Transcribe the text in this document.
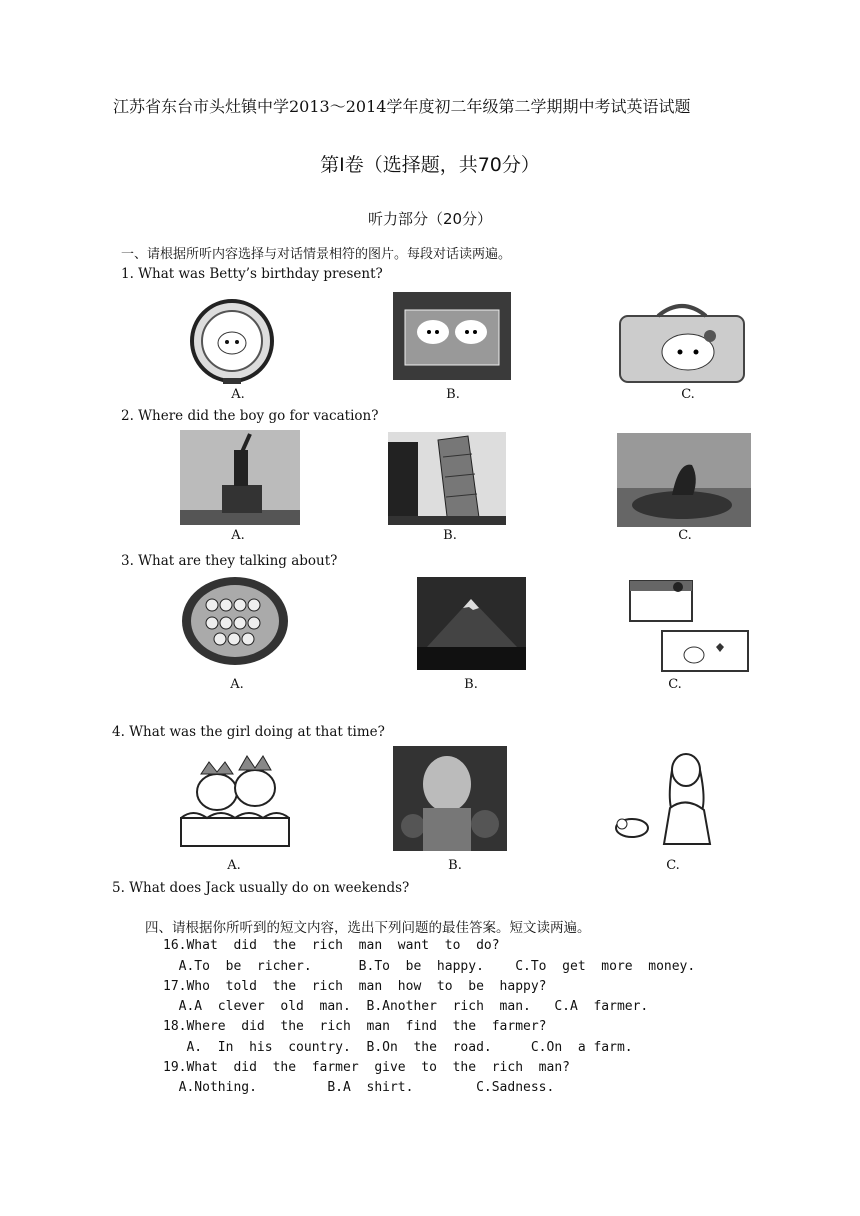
江苏省东台市头灶镇中学2013～2014学年度初二年级第二学期期中考试英语试题
第Ⅰ卷（选择题，共70分）
听力部分（20分）
一、请根据所听内容选择与对话情景相符的图片。每段对话读两遍。
1. What was Betty’s birthday present?
A.	B.	C.
2. Where did the boy go for vacation?
A.	B.	C.
3. What are they talking about?
A.	B.	C.
4. What was the girl doing at that time?
A.	B.	C.
5. What does Jack usually do on weekends?
四、请根据你所听到的短文内容，选出下列问题的最佳答案。短文读两遍。
16.What  did  the  rich  man  want  to  do?
A.To  be  richer.      B.To  be  happy.    C.To  get  more  money.
17.Who  told  the  rich  man  how  to  be  happy?
A.A  clever  old  man.  B.Another  rich  man.   C.A  farmer.
18.Where  did  the  rich  man  find  the  farmer?
A.  In  his  country.  B.On  the  road.     C.On  a farm.
19.What  did  the  farmer  give  to  the  rich  man?
A.Nothing.         B.A  shirt.        C.Sadness.
